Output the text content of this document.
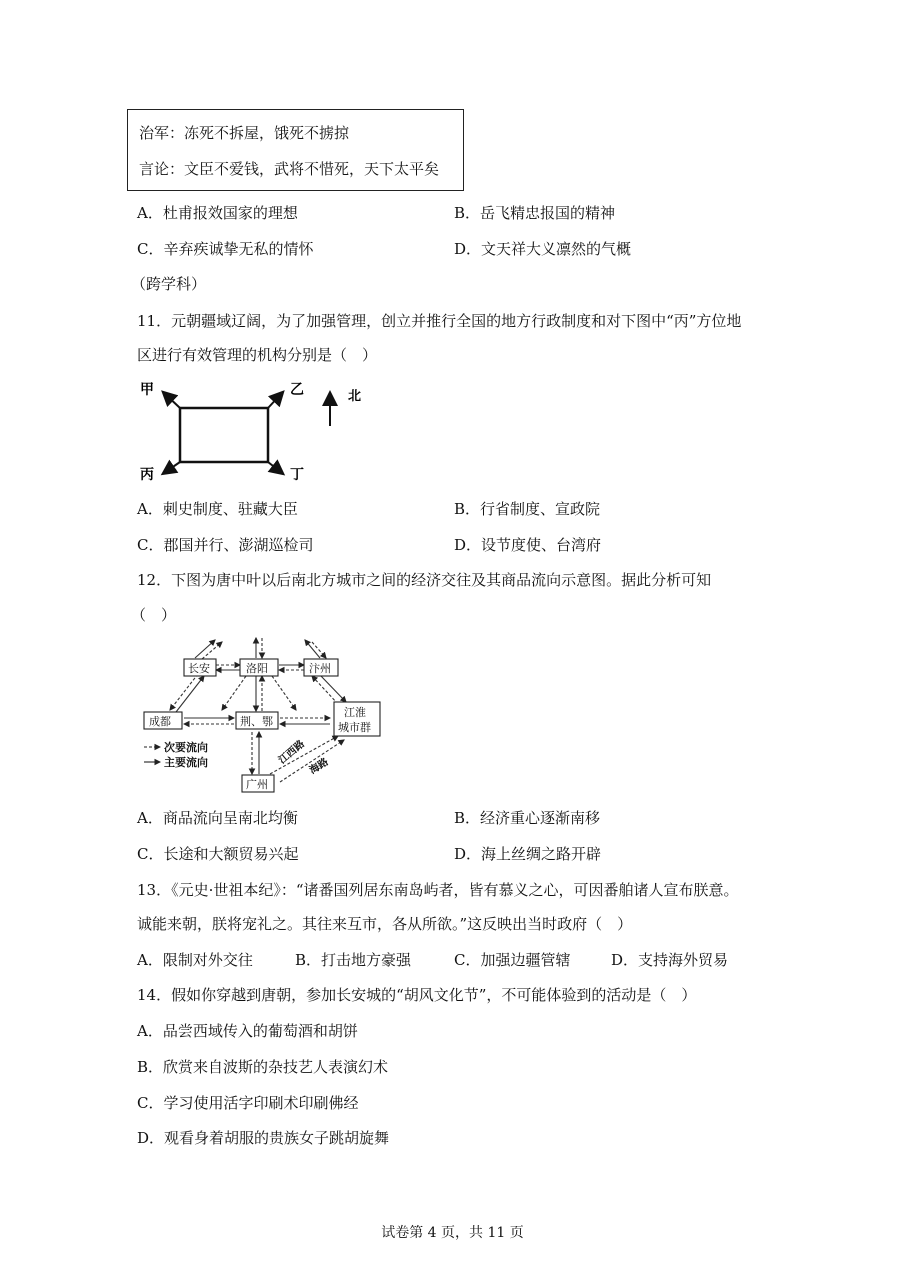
治军：冻死不拆屋，饿死不掳掠
言论：文臣不爱钱，武将不惜死，天下太平矣
A．杜甫报效国家的理想	B．岳飞精忠报国的精神
C．辛弃疾诚挚无私的情怀	D．文天祥大义凛然的气概
（跨学科）
11．元朝疆域辽阔，为了加强管理，创立并推行全国的地方行政制度和对下图中“丙”方位地
区进行有效管理的机构分别是（　）
甲	乙
丙	丁
北
A．刺史制度、驻藏大臣	B．行省制度、宣政院
C．郡国并行、澎湖巡检司	D．设节度使、台湾府
12．下图为唐中叶以后南北方城市之间的经济交往及其商品流向示意图。据此分析可知
（　）
长安	洛阳	汴州
成都	荆、鄂
江淮
城市群
广州
江西路
海路
次要流向
主要流向
A．商品流向呈南北均衡	B．经济重心逐渐南移
C．长途和大额贸易兴起	D．海上丝绸之路开辟
13．《元史·世祖本纪》：“诸番国列居东南岛屿者，皆有慕义之心，可因番舶诸人宣布朕意。
诚能来朝，朕将宠礼之。其往来互市，各从所欲。”这反映出当时政府（　）
A．限制对外交往	B．打击地方豪强	C．加强边疆管辖	D．支持海外贸易
14．假如你穿越到唐朝，参加长安城的“胡风文化节”，不可能体验到的活动是（　）
A．品尝西域传入的葡萄酒和胡饼
B．欣赏来自波斯的杂技艺人表演幻术
C．学习使用活字印刷术印刷佛经
D．观看身着胡服的贵族女子跳胡旋舞
试卷第 4 页，共 11 页
